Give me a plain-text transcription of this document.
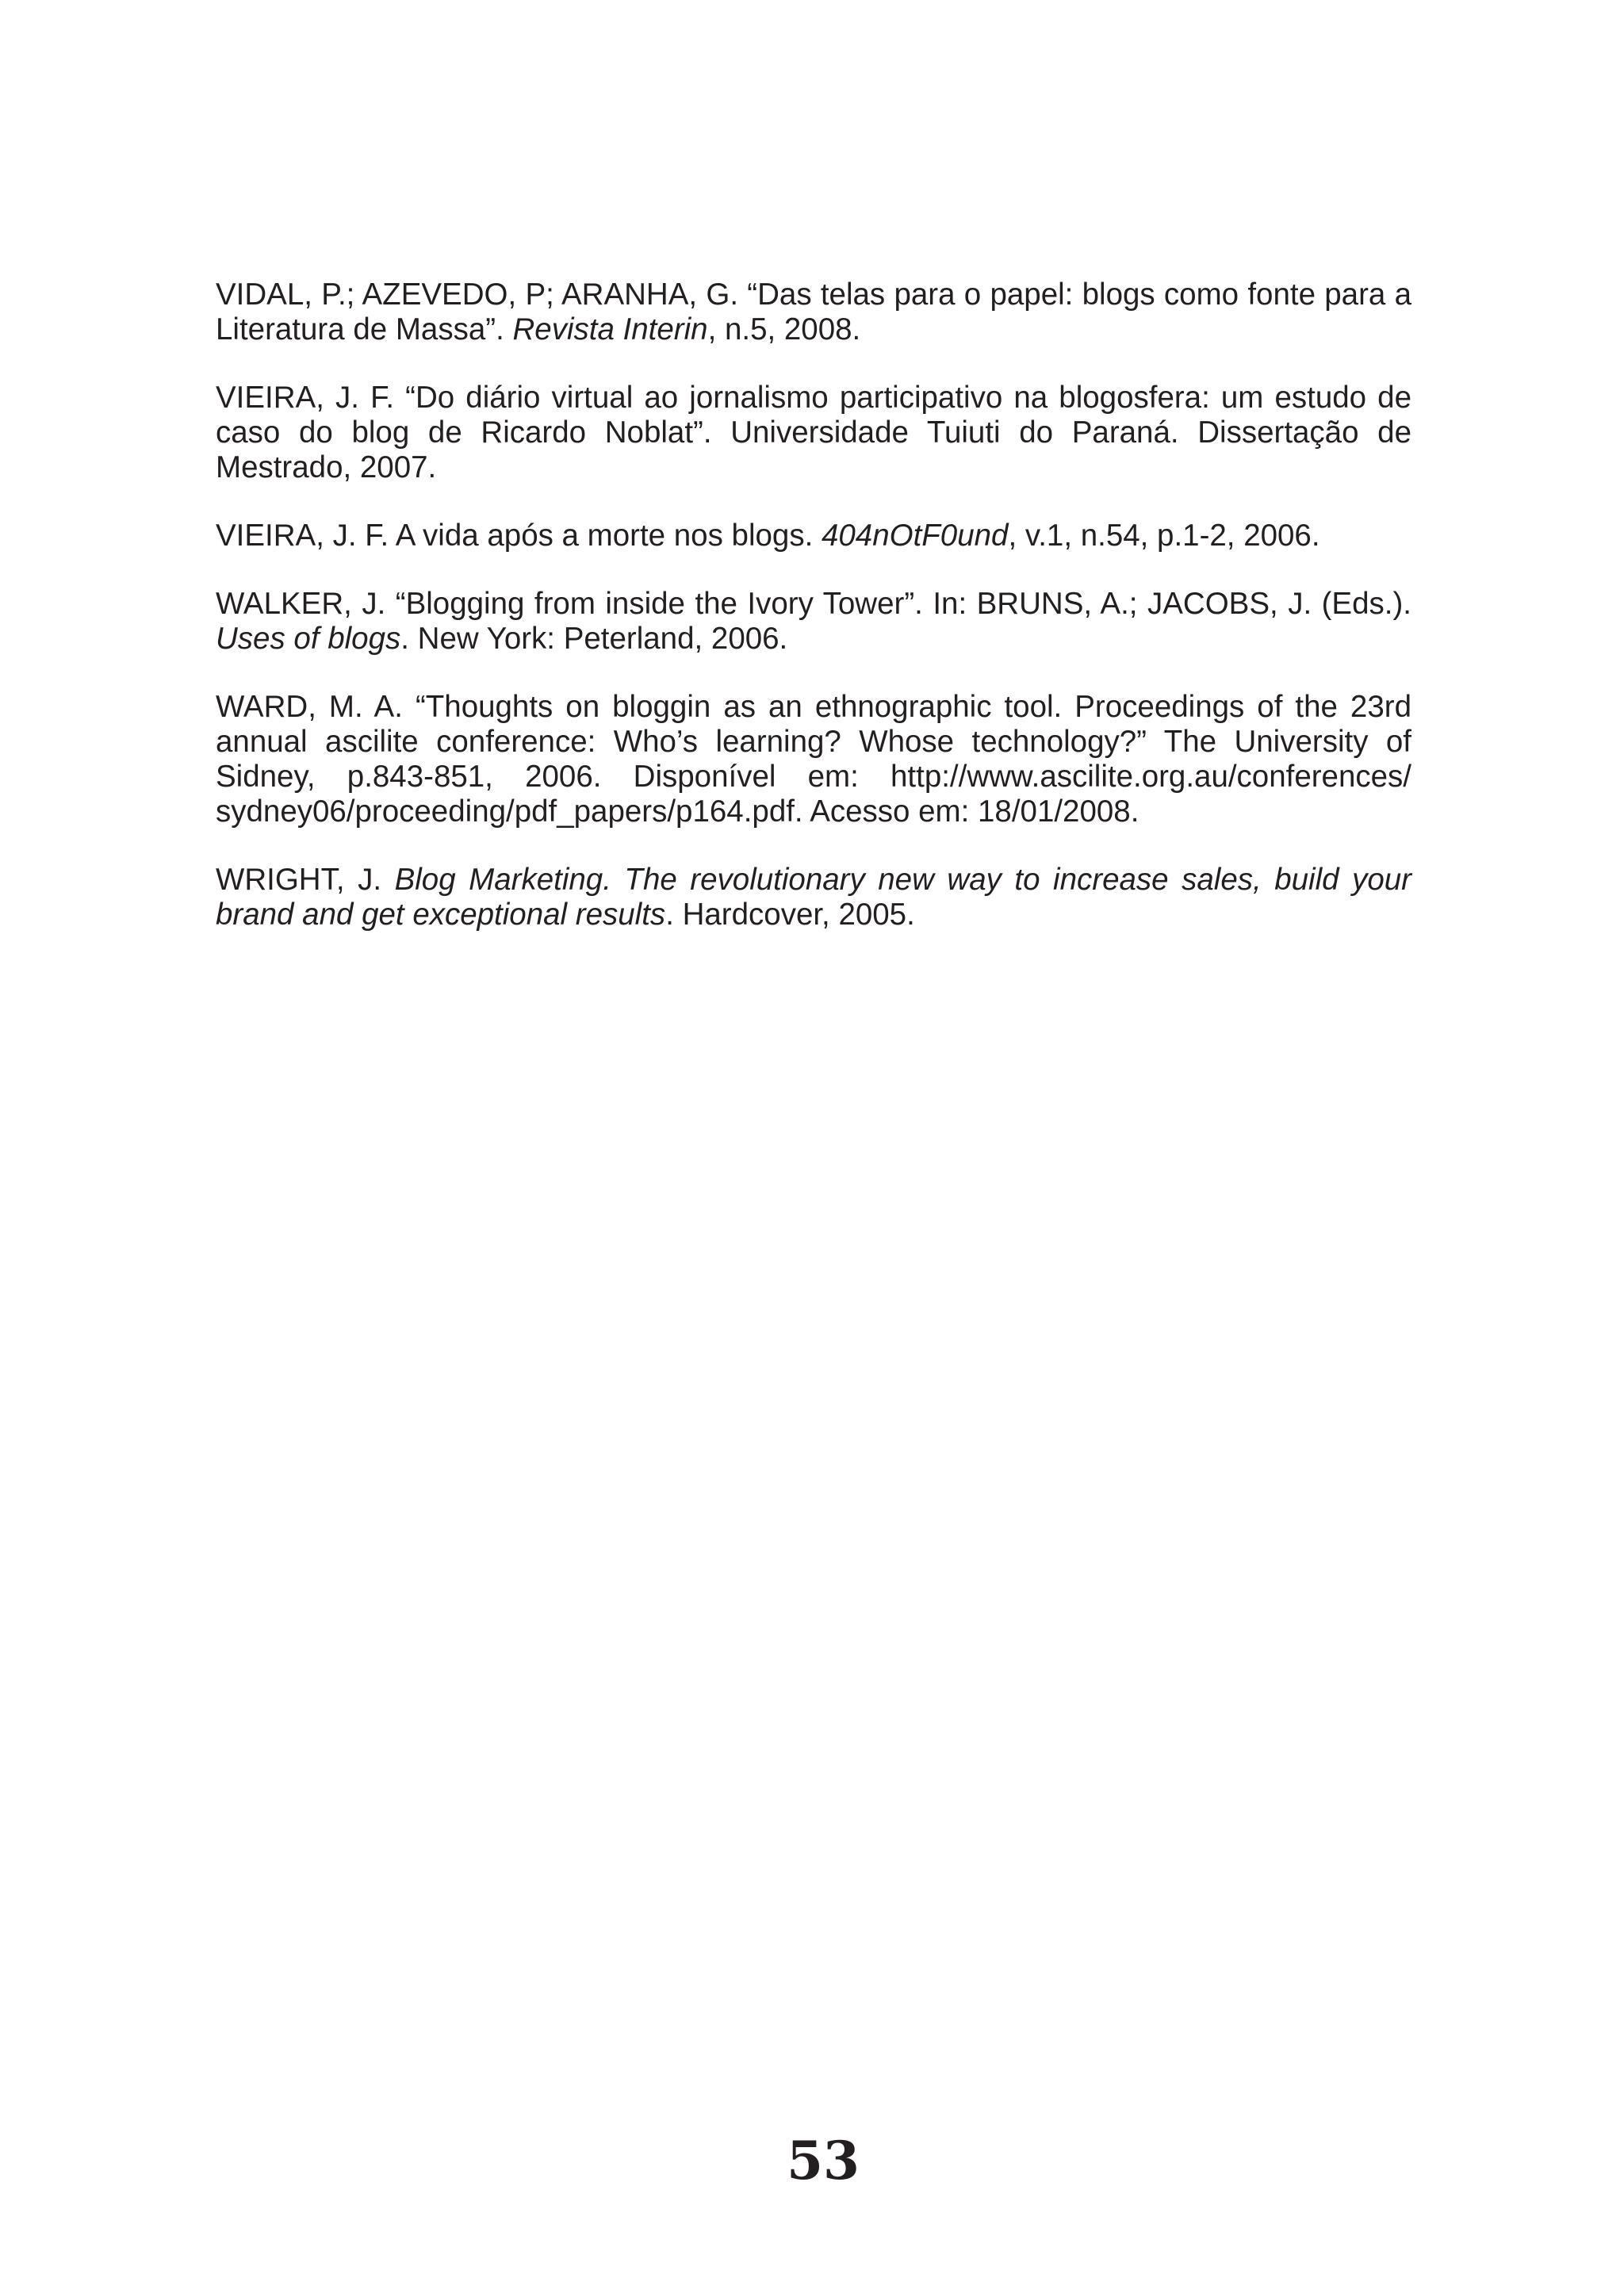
VIDAL, P.; AZEVEDO, P; ARANHA, G. “Das telas para o papel: blogs como fonte para a Literatura de Massa”. Revista Interin, n.5, 2008.

VIEIRA, J. F. “Do diário virtual ao jornalismo participativo na blogosfera: um estudo de caso do blog de Ricardo Noblat”. Universidade Tuiuti do Paraná. Dissertação de Mestrado, 2007.

VIEIRA, J. F. A vida após a morte nos blogs. 404nOtF0und, v.1, n.54, p.1-2, 2006.

WALKER, J. “Blogging from inside the Ivory Tower”. In: BRUNS, A.; JACOBS, J. (Eds.). Uses of blogs. New York: Peterland, 2006.

WARD, M. A. “Thoughts on bloggin as an ethnographic tool. Proceedings of the 23rd annual ascilite conference: Who’s learning? Whose technology?” The University of Sidney, p.843-851, 2006. Disponível em: http://www.ascilite.org.au/conferences/ sydney06/proceeding/pdf_papers/p164.pdf. Acesso em: 18/01/2008.

WRIGHT, J. Blog Marketing. The revolutionary new way to increase sales, build your brand and get exceptional results. Hardcover, 2005.

53
